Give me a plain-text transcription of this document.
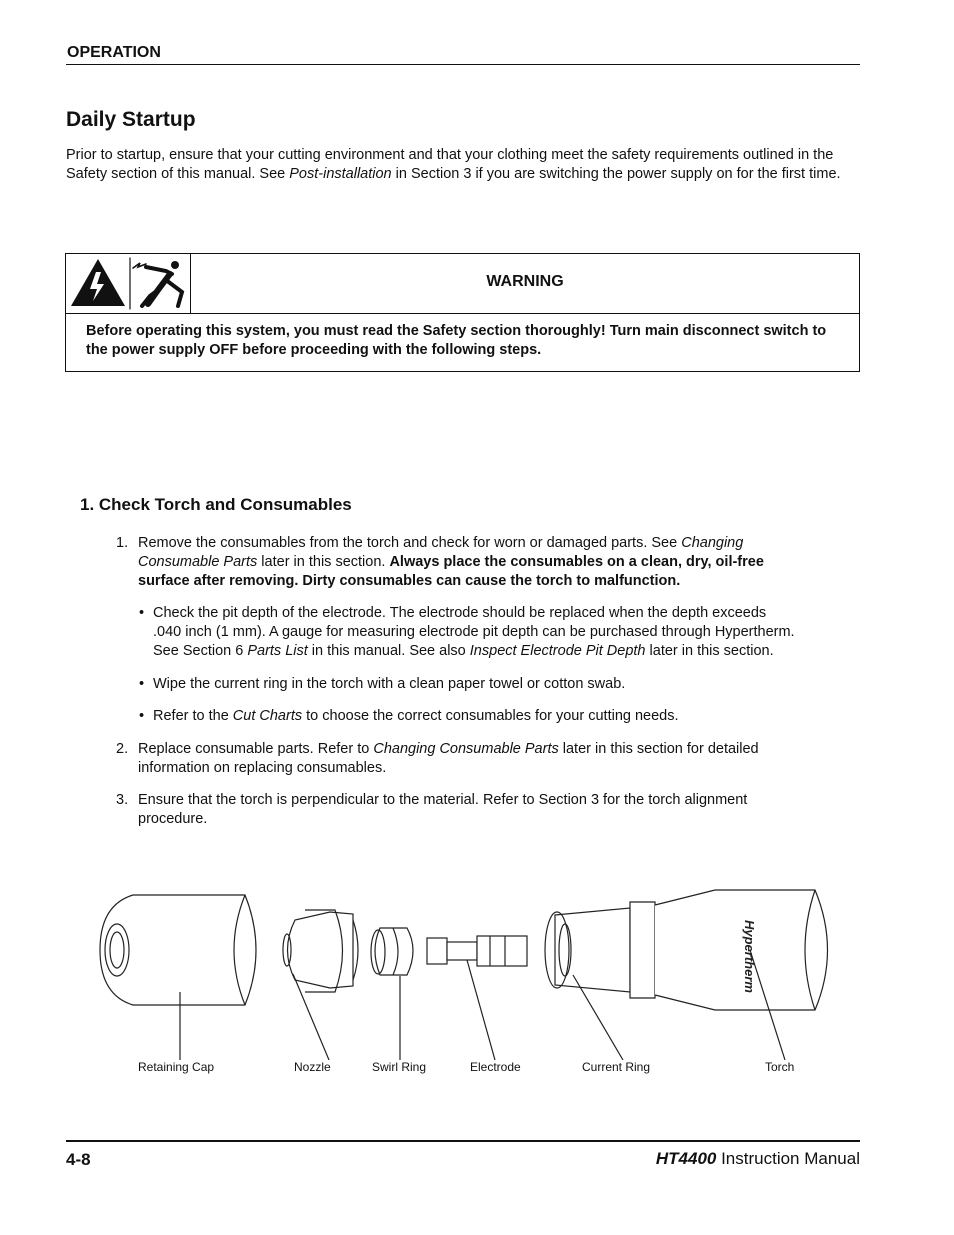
OPERATION
Daily Startup

Prior to startup, ensure that your cutting environment and that your clothing meet the safety requirements outlined in the Safety section of this manual. See Post-installation in Section 3 if you are switching the power supply on for the first time.

WARNING
Before operating this system, you must read the Safety section thoroughly! Turn main disconnect switch to the power supply OFF before proceeding with the following steps.
1. Check Torch and Consumables
1. Remove the consumables from the torch and check for worn or damaged parts. See Changing
Consumable Parts later in this section. Always place the consumables on a clean, dry, oil-free
surface after removing. Dirty consumables can cause the torch to malfunction.
• Check the pit depth of the electrode. The electrode should be replaced when the depth exceeds
.040 inch (1 mm). A gauge for measuring electrode pit depth can be purchased through Hypertherm.
See Section 6 Parts List in this manual. See also Inspect Electrode Pit Depth later in this section.
• Wipe the current ring in the torch with a clean paper towel or cotton swab.
• Refer to the Cut Charts to choose the correct consumables for your cutting needs.
2. Replace consumable parts. Refer to Changing Consumable Parts later in this section for detailed
information on replacing consumables.
3. Ensure that the torch is perpendicular to the material. Refer to Section 3 for the torch alignment
procedure.
Hypertherm
Retaining Cap	Nozzle	Swirl Ring	Electrode	Current Ring	Torch
4-8	HT4400 Instruction Manual
